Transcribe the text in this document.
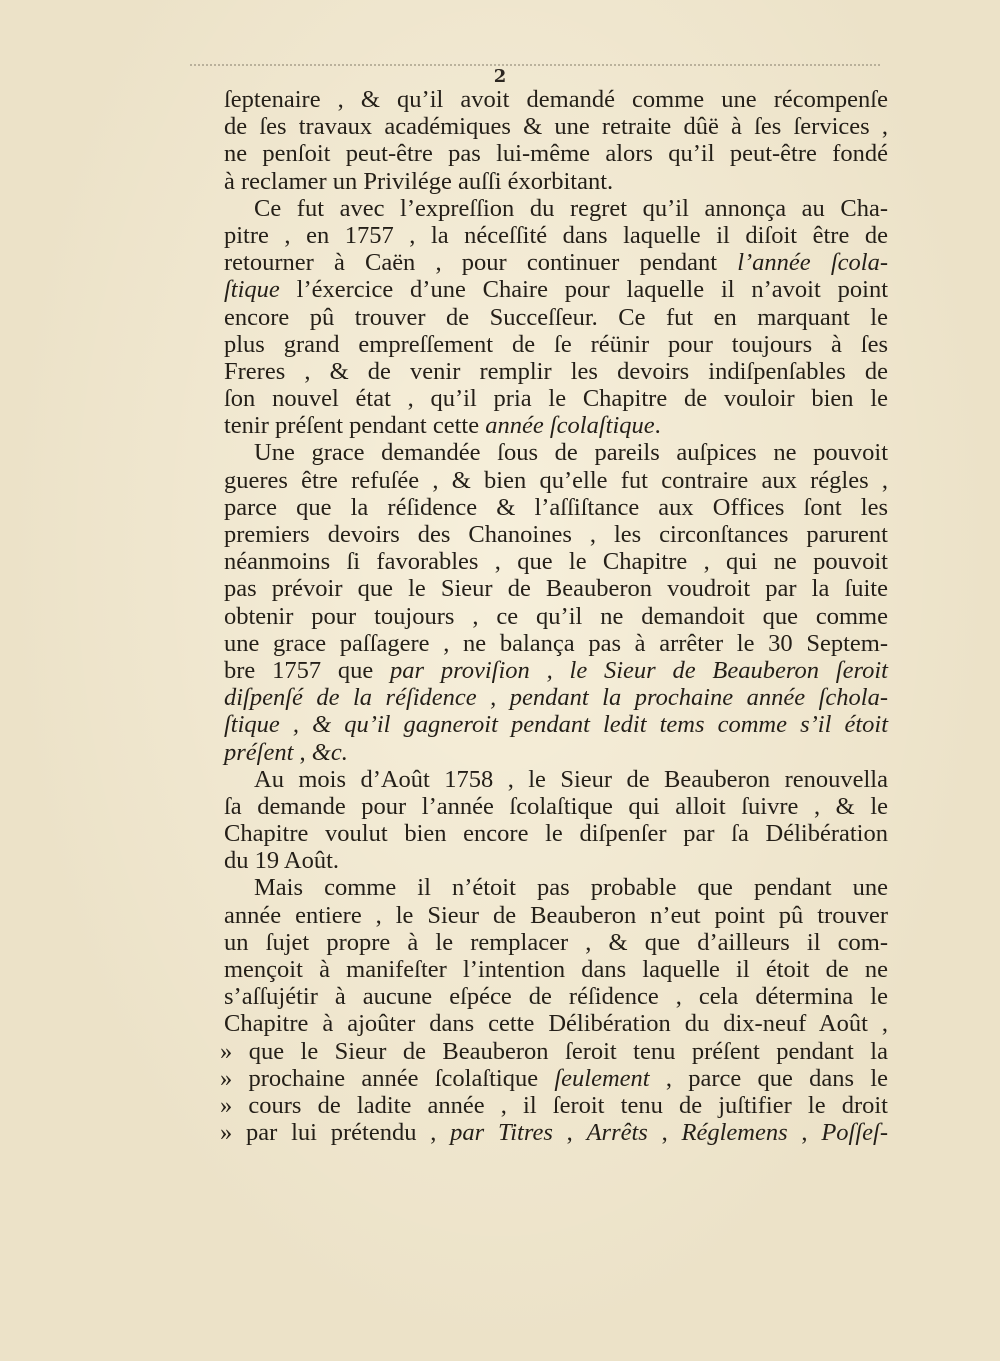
2
ſeptenaire , & qu’il avoit demandé comme une récompenſe
de ſes travaux académiques & une retraite dûë à ſes ſervices ,
ne penſoit peut-être pas lui-même alors qu’il peut-être fondé
à reclamer un Privilége auſſi éxorbitant.
Ce fut avec l’expreſſion du regret qu’il annonça au Cha-
pitre , en 1757 , la néceſſité dans laquelle il diſoit être de
retourner à Caën , pour continuer pendant l’année ſcola-
ſtique l’éxercice d’une Chaire pour laquelle il n’avoit point
encore pû trouver de Succeſſeur. Ce fut en marquant le
plus grand empreſſement de ſe réünir pour toujours à ſes
Freres , & de venir remplir les devoirs indiſpenſables de
ſon nouvel état , qu’il pria le Chapitre de vouloir bien le
tenir préſent pendant cette année ſcolaſtique.
Une grace demandée ſous de pareils auſpices ne pouvoit
gueres être refuſée , & bien qu’elle fut contraire aux régles ,
parce que la réſidence & l’aſſiſtance aux Offices ſont les
premiers devoirs des Chanoines , les circonſtances parurent
néanmoins ſi favorables , que le Chapitre , qui ne pouvoit
pas prévoir que le Sieur de Beauberon voudroit par la ſuite
obtenir pour toujours , ce qu’il ne demandoit que comme
une grace paſſagere , ne balança pas à arrêter le 30 Septem-
bre 1757 que par proviſion , le Sieur de Beauberon ſeroit
diſpenſé de la réſidence , pendant la prochaine année ſchola-
ſtique , & qu’il gagneroit pendant ledit tems comme s’il étoit
préſent , &c.
Au mois d’Août 1758 , le Sieur de Beauberon renouvella
ſa demande pour l’année ſcolaſtique qui alloit ſuivre , & le
Chapitre voulut bien encore le diſpenſer par ſa Délibération
du 19 Août.
Mais comme il n’étoit pas probable que pendant une
année entiere , le Sieur de Beauberon n’eut point pû trouver
un ſujet propre à le remplacer , & que d’ailleurs il com-
mençoit à manifeſter l’intention dans laquelle il étoit de ne
s’aſſujétir à aucune eſpéce de réſidence , cela détermina le
Chapitre à ajoûter dans cette Délibération du dix-neuf Août ,
» que le Sieur de Beauberon ſeroit tenu préſent pendant la
» prochaine année ſcolaſtique ſeulement , parce que dans le
» cours de ladite année , il ſeroit tenu de juſtifier le droit
» par lui prétendu , par Titres , Arrêts , Réglemens , Poſſeſ-
